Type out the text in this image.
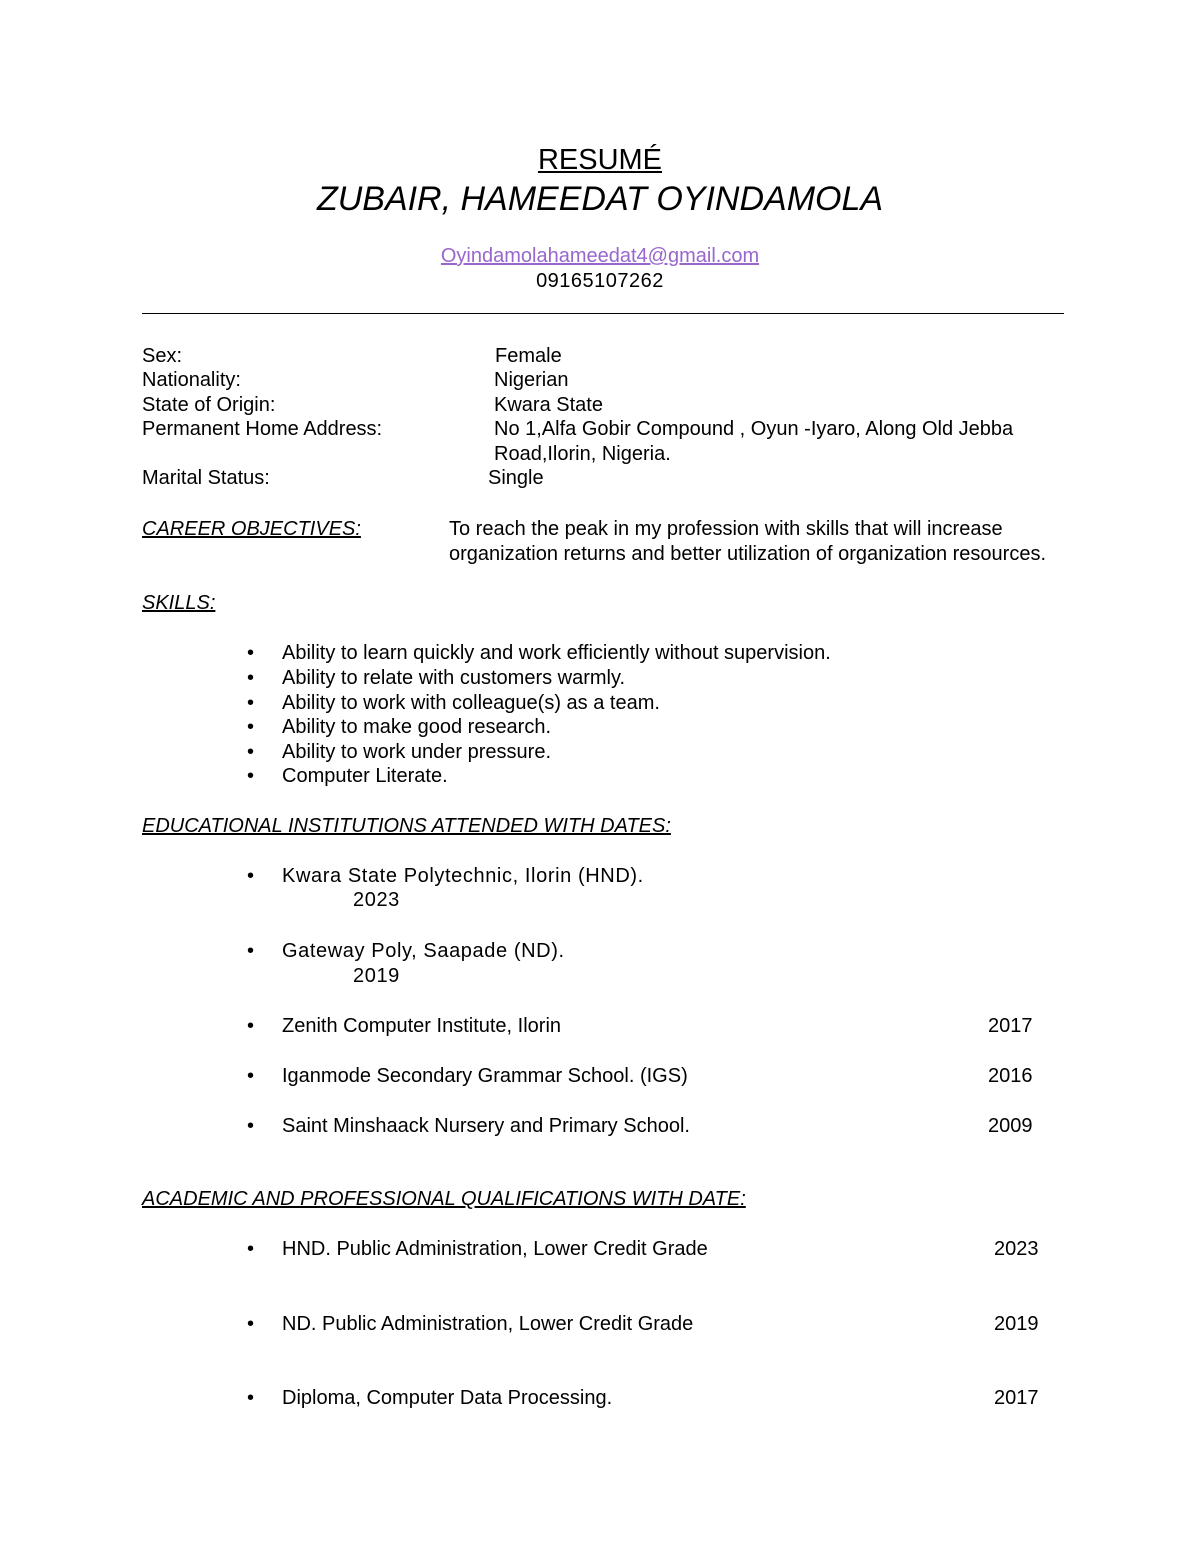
RESUMÉ
ZUBAIR, HAMEEDAT OYINDAMOLA
Oyindamolahameedat4@gmail.com
09165107262
Sex:	Female
Nationality:	Nigerian
State of Origin:	Kwara State
Permanent Home Address:	No 1,Alfa Gobir Compound , Oyun -Iyaro, Along Old Jebba
Road,Ilorin, Nigeria.
Marital Status:	Single
CAREER OBJECTIVES:	To reach the peak in my profession with skills that will increase organization returns and better utilization of organization resources.
SKILLS:
• Ability to learn quickly and work efficiently without supervision.
• Ability to relate with customers warmly.
• Ability to work with colleague(s) as a team.
• Ability to make good research.
• Ability to work under pressure.
• Computer Literate.
EDUCATIONAL INSTITUTIONS ATTENDED WITH DATES:
• Kwara State Polytechnic, Ilorin (HND).
2023
• Gateway Poly, Saapade (ND).
2019
• Zenith Computer Institute, Ilorin	2017
• Iganmode Secondary Grammar School. (IGS)	2016
• Saint Minshaack Nursery and Primary School.	2009
ACADEMIC AND PROFESSIONAL QUALIFICATIONS WITH DATE:
• HND. Public Administration, Lower Credit Grade	2023
• ND. Public Administration, Lower Credit Grade	2019
• Diploma, Computer Data Processing.	2017
